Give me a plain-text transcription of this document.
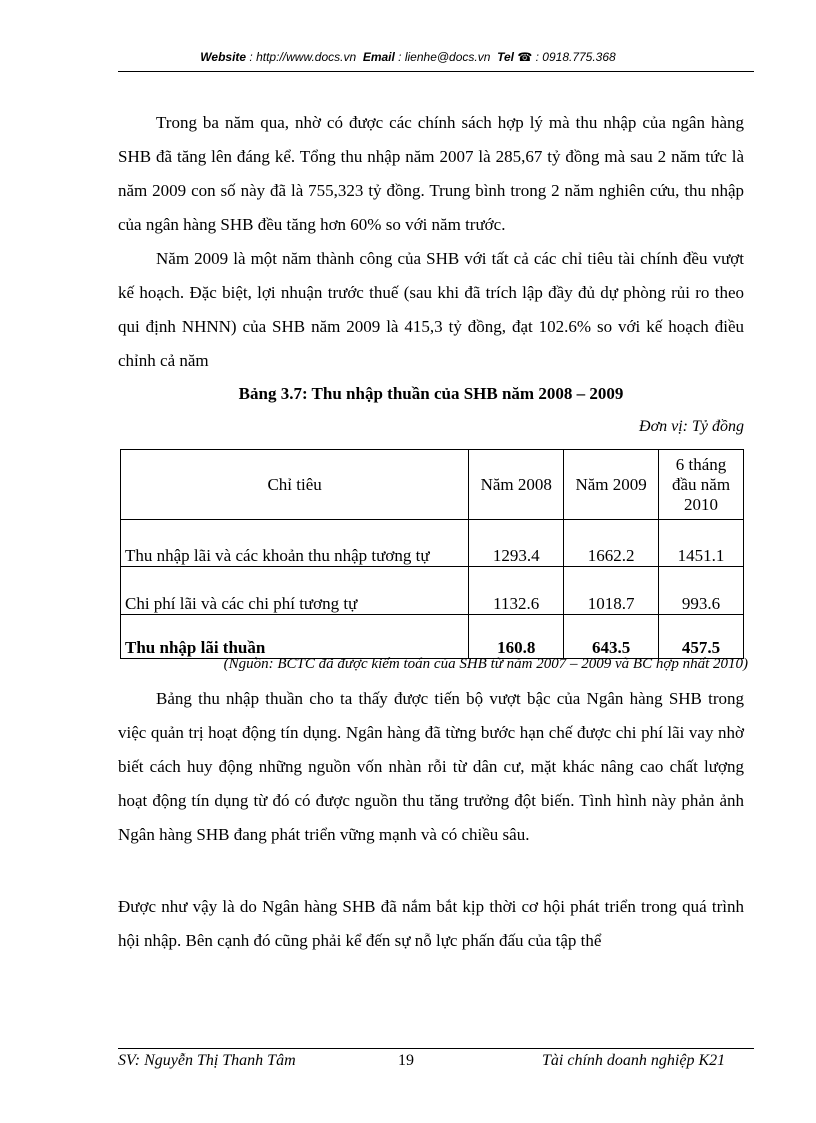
Website : http://www.docs.vn Email : lienhe@docs.vn Tel ☎ : 0918.775.368

Trong ba năm qua, nhờ có được các chính sách hợp lý mà thu nhập của ngân hàng SHB đã tăng lên đáng kể. Tổng thu nhập năm 2007 là 285,67 tỷ đồng mà sau 2 năm tức là năm 2009 con số này đã là 755,323 tỷ đồng. Trung bình trong 2 năm nghiên cứu, thu nhập của ngân hàng SHB đều tăng hơn 60% so với năm trước.

Năm 2009 là một năm thành công của SHB với tất cả các chỉ tiêu tài chính đều vượt kế hoạch. Đặc biệt, lợi nhuận trước thuế (sau khi đã trích lập đầy đủ dự phòng rủi ro theo qui định NHNN) của SHB năm 2009 là 415,3 tỷ đồng, đạt 102.6% so với kế hoạch điều chỉnh cả năm

Bảng 3.7: Thu nhập thuần của SHB năm 2008 – 2009
Đơn vị: Tỷ đồng
Chỉ tiêu	Năm 2008	Năm 2009	6 tháng đầu năm 2010
Thu nhập lãi và các khoản thu nhập tương tự	1293.4	1662.2	1451.1
Chi phí lãi và các chi phí tương tự	1132.6	1018.7	993.6
Thu nhập lãi thuần	160.8	643.5	457.5
(Nguồn: BCTC đã được kiểm toán của SHB từ năm 2007 – 2009 và BC hợp nhất 2010)

Bảng thu nhập thuần cho ta thấy được tiến bộ vượt bậc của Ngân hàng SHB trong việc quản trị hoạt động tín dụng. Ngân hàng đã từng bước hạn chế được chi phí lãi vay nhờ biết cách huy động những nguồn vốn nhàn rỗi từ dân cư, mặt khác nâng cao chất lượng hoạt động tín dụng từ đó có được nguồn thu tăng trưởng đột biến. Tình hình này phản ảnh Ngân hàng SHB đang phát triển vững mạnh và có chiều sâu.

Được như vậy là do Ngân hàng SHB đã nắm bắt kịp thời cơ hội phát triển trong quá trình hội nhập. Bên cạnh đó cũng phải kể đến sự nỗ lực phấn đấu của tập thể

SV: Nguyễn Thị Thanh Tâm	19	Tài chính doanh nghiệp K21
